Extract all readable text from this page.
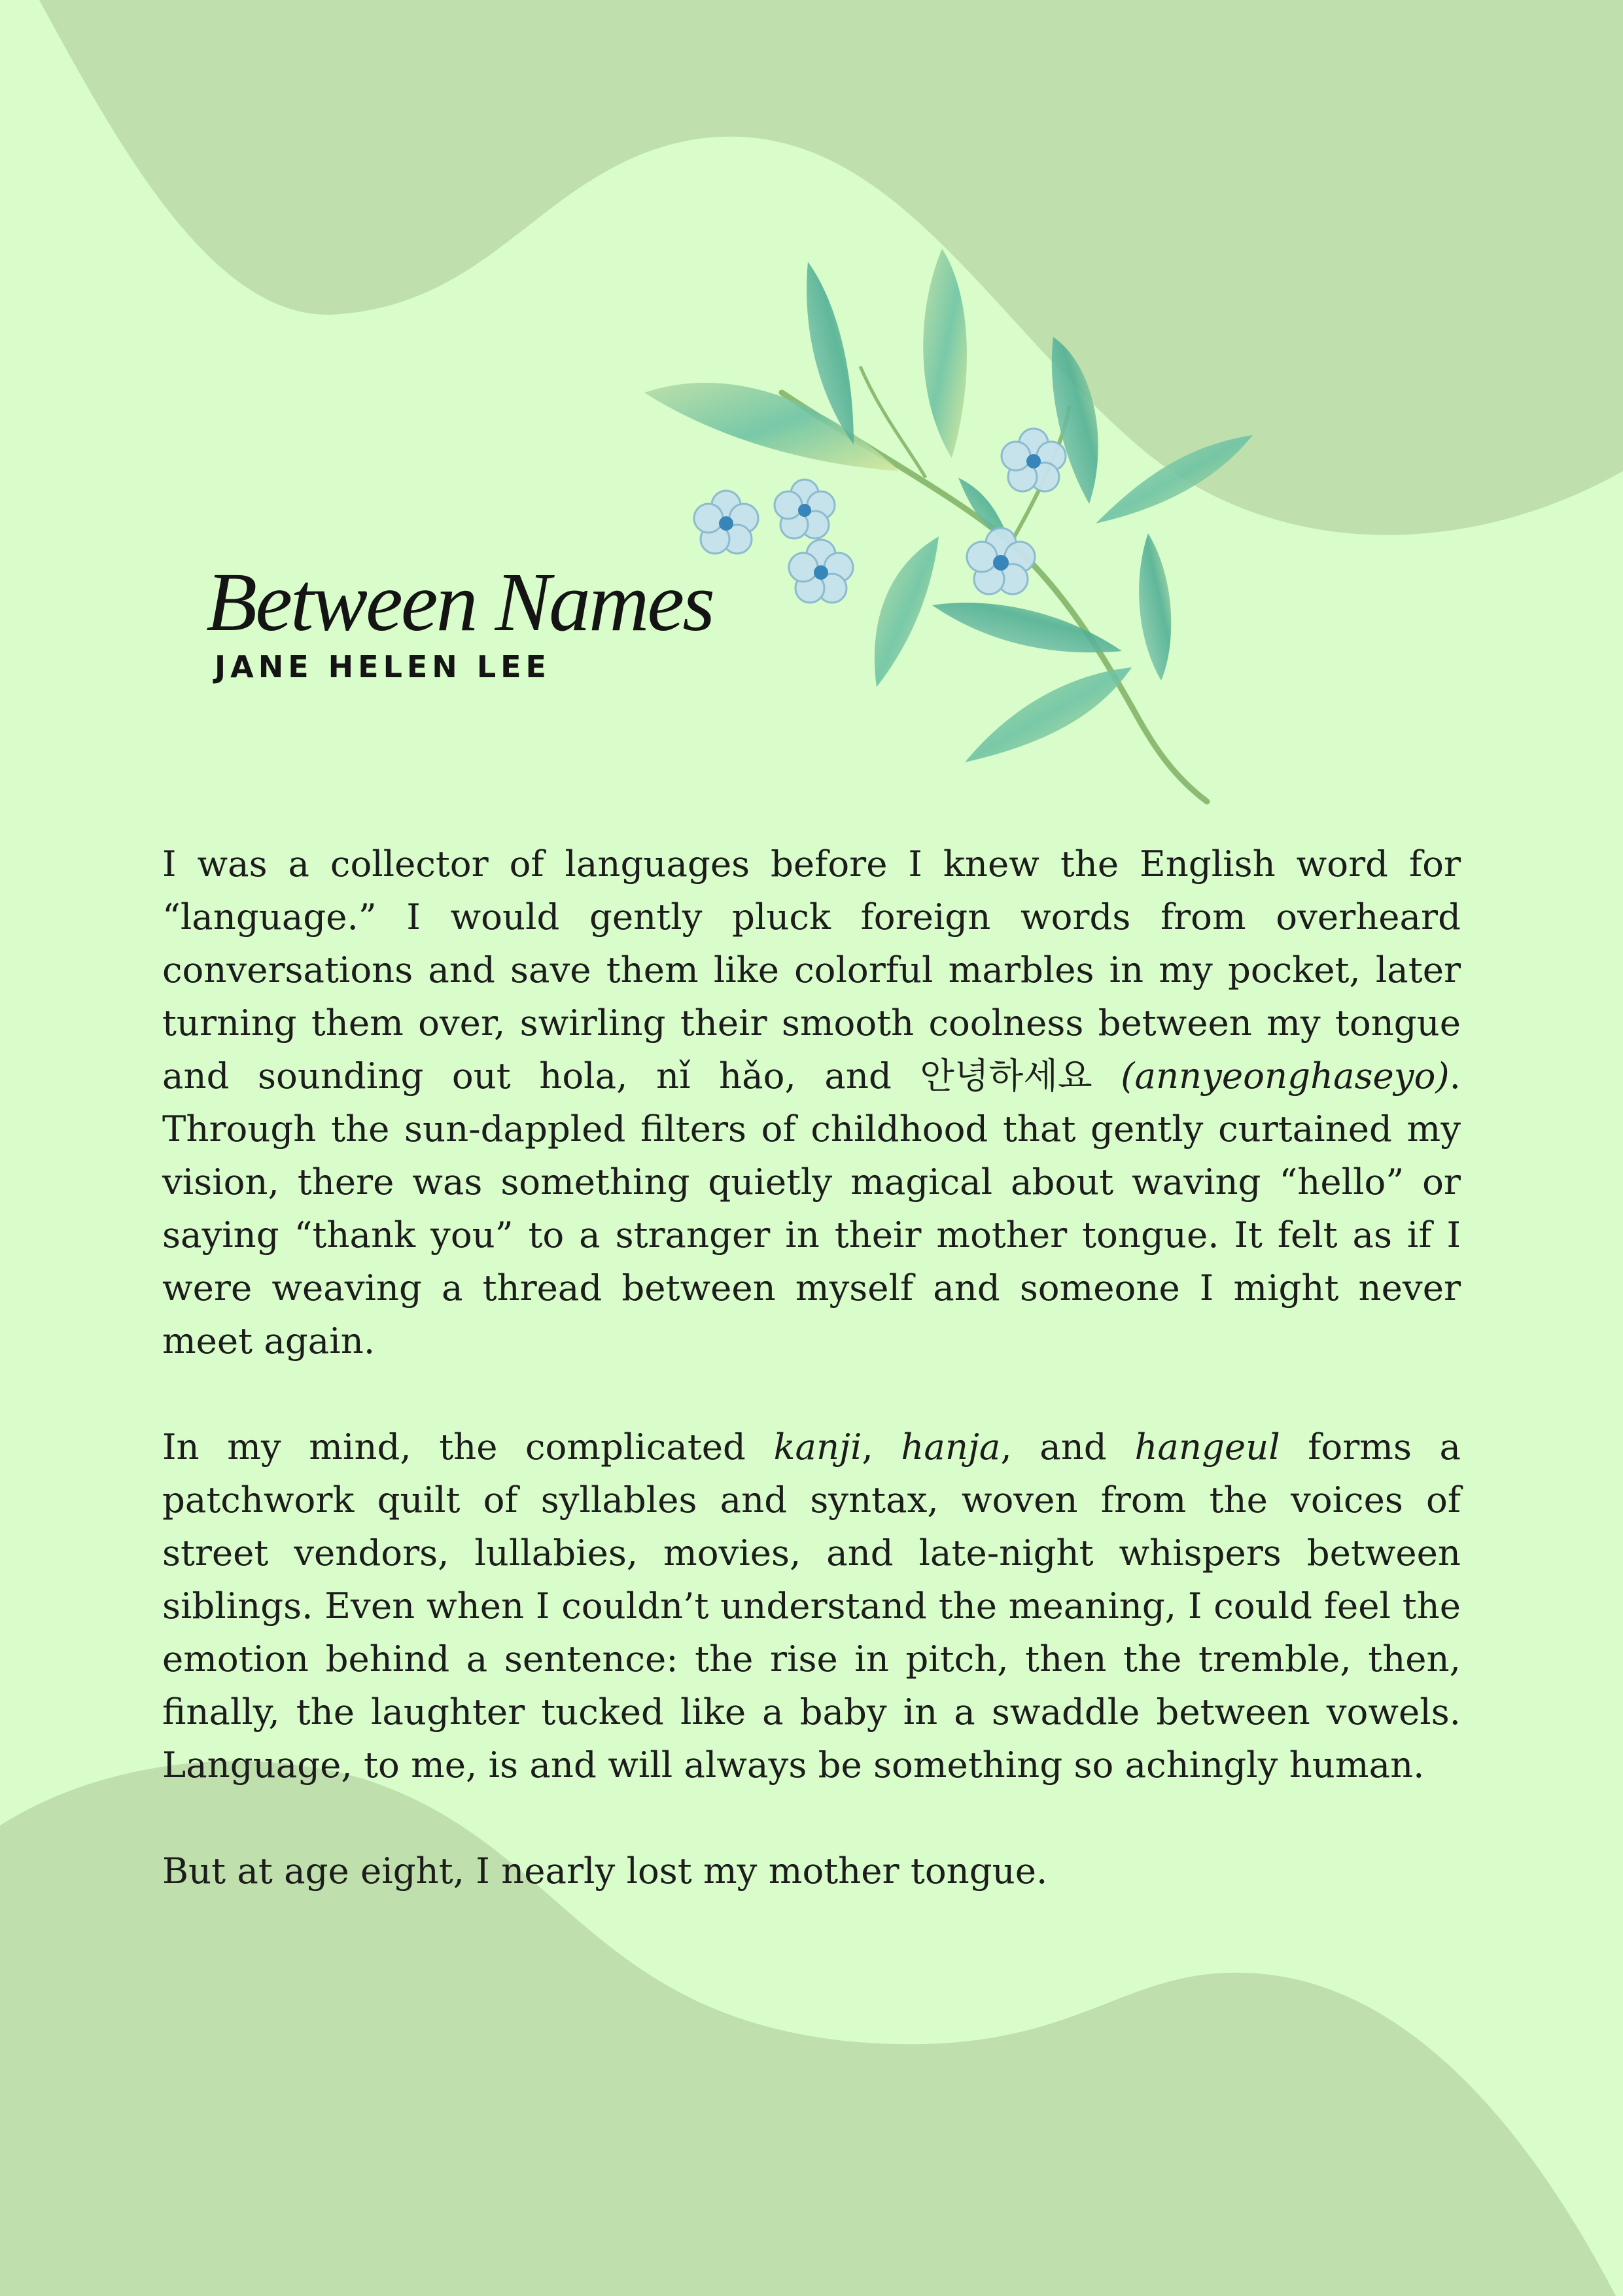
Between Names
JANE HELEN LEE

I was a collector of languages before I knew the English word for “language.” I would gently pluck foreign words from overheard conversations and save them like colorful marbles in my pocket, later turning them over, swirling their smooth coolness between my tongue and sounding out hola, nǐ hǎo, and 안녕하세요 (annyeonghaseyo). Through the sun-dappled filters of childhood that gently curtained my vision, there was something quietly magical about waving “hello” or saying “thank you” to a stranger in their mother tongue. It felt as if I were weaving a thread between myself and someone I might never meet again.

In my mind, the complicated kanji, hanja, and hangeul forms a patchwork quilt of syllables and syntax, woven from the voices of street vendors, lullabies, movies, and late-night whispers between siblings. Even when I couldn’t understand the meaning, I could feel the emotion behind a sentence: the rise in pitch, then the tremble, then, finally, the laughter tucked like a baby in a swaddle between vowels. Language, to me, is and will always be something so achingly human.

But at age eight, I nearly lost my mother tongue.
